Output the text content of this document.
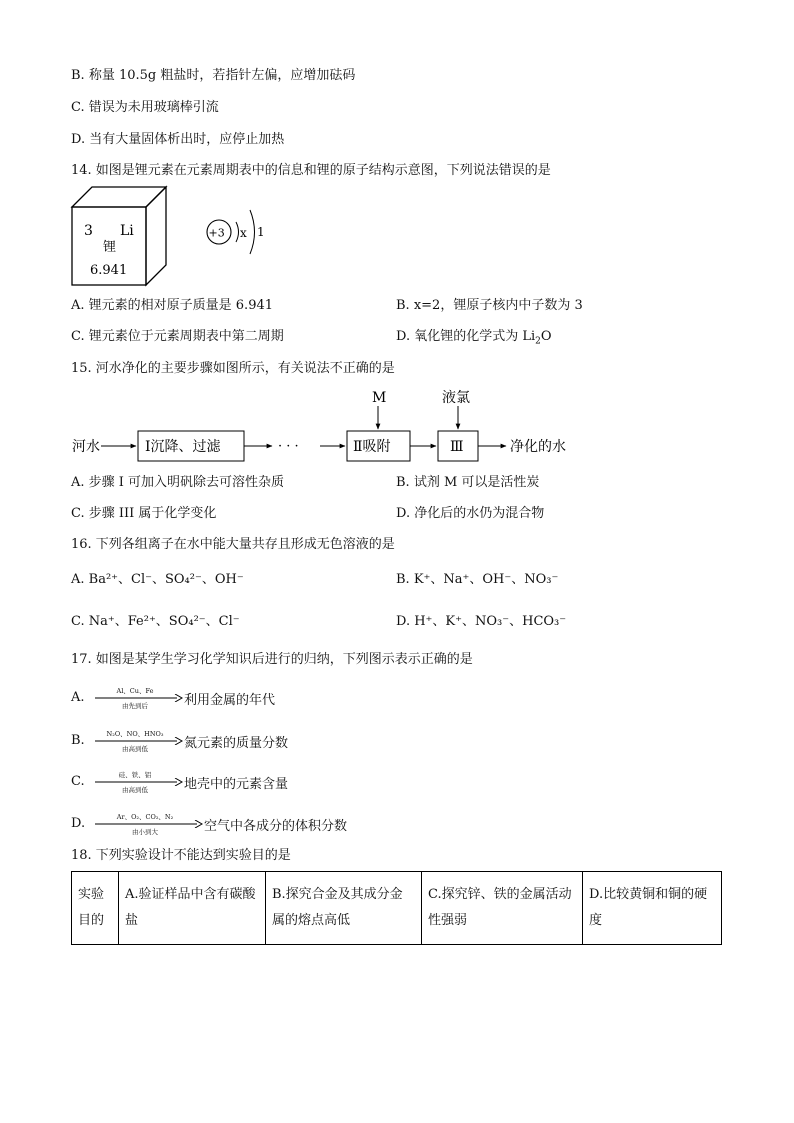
B. 称量 10.5g 粗盐时，若指针左偏，应增加砝码
C. 错误为未用玻璃棒引流
D. 当有大量固体析出时，应停止加热
14. 如图是锂元素在元素周期表中的信息和锂的原子结构示意图，下列说法错误的是
3 Li
锂
6.941
+3 x 1
A. 锂元素的相对原子质量是 6.941	B. x=2，锂原子核内中子数为 3
C. 锂元素位于元素周期表中第二周期	D. 氧化锂的化学式为 $Li_2O$
15. 河水净化的主要步骤如图所示，有关说法不正确的是
河水	Ⅰ沉降、过滤	· · ·	Ⅱ吸附
M
Ⅲ
液氯
净化的水
A. 步骤 I 可加入明矾除去可溶性杂质	B. 试剂 M 可以是活性炭
C. 步骤 III 属于化学变化	D. 净化后的水仍为混合物
16. 下列各组离子在水中能大量共存且形成无色溶液的是
A. Ba²⁺、Cl⁻、SO₄²⁻、OH⁻	B. K⁺、Na⁺、OH⁻、NO₃⁻
C. Na⁺、Fe²⁺、SO₄²⁻、Cl⁻	D. H⁺、K⁺、NO₃⁻、HCO₃⁻
17. 如图是某学生学习化学知识后进行的归纳，下列图示表示正确的是
A.	Al、Cu、Fe
由先到后	利用金属的年代
B.	N₂O、NO、HNO₃
由高到低	氮元素的质量分数
C.	硅、铁、铝
由高到低	地壳中的元素含量
D.	Ar、O₂、CO₂、N₂
由小到大	空气中各成分的体积分数
18. 下列实验设计不能达到实验目的是
实验目的	A.验证样品中含有碳酸盐	B.探究合金及其成分金属的熔点高低	C.探究锌、铁的金属活动性强弱	D.比较黄铜和铜的硬度
